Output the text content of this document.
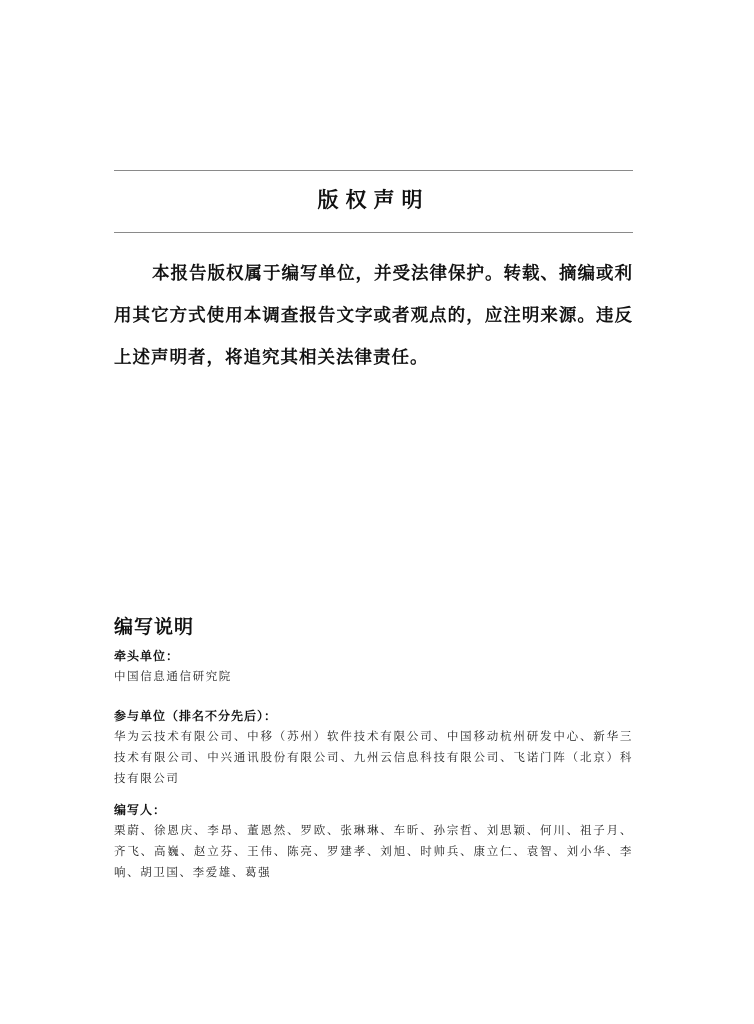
版权声明

本报告版权属于编写单位，并受法律保护。转载、摘编或利用其它方式使用本调查报告文字或者观点的，应注明来源。违反上述声明者，将追究其相关法律责任。

编写说明
牵头单位：
中国信息通信研究院
参与单位（排名不分先后）：
华为云技术有限公司、中移（苏州）软件技术有限公司、中国移动杭州研发中心、新华三技术有限公司、中兴通讯股份有限公司、九州云信息科技有限公司、飞诺门阵（北京）科技有限公司
编写人：
栗蔚、徐恩庆、李昂、董恩然、罗欧、张琳琳、车昕、孙宗哲、刘思颖、何川、祖子月、齐飞、高巍、赵立芬、王伟、陈亮、罗建孝、刘旭、时帅兵、康立仁、袁智、刘小华、李响、胡卫国、李爱雄、葛强
